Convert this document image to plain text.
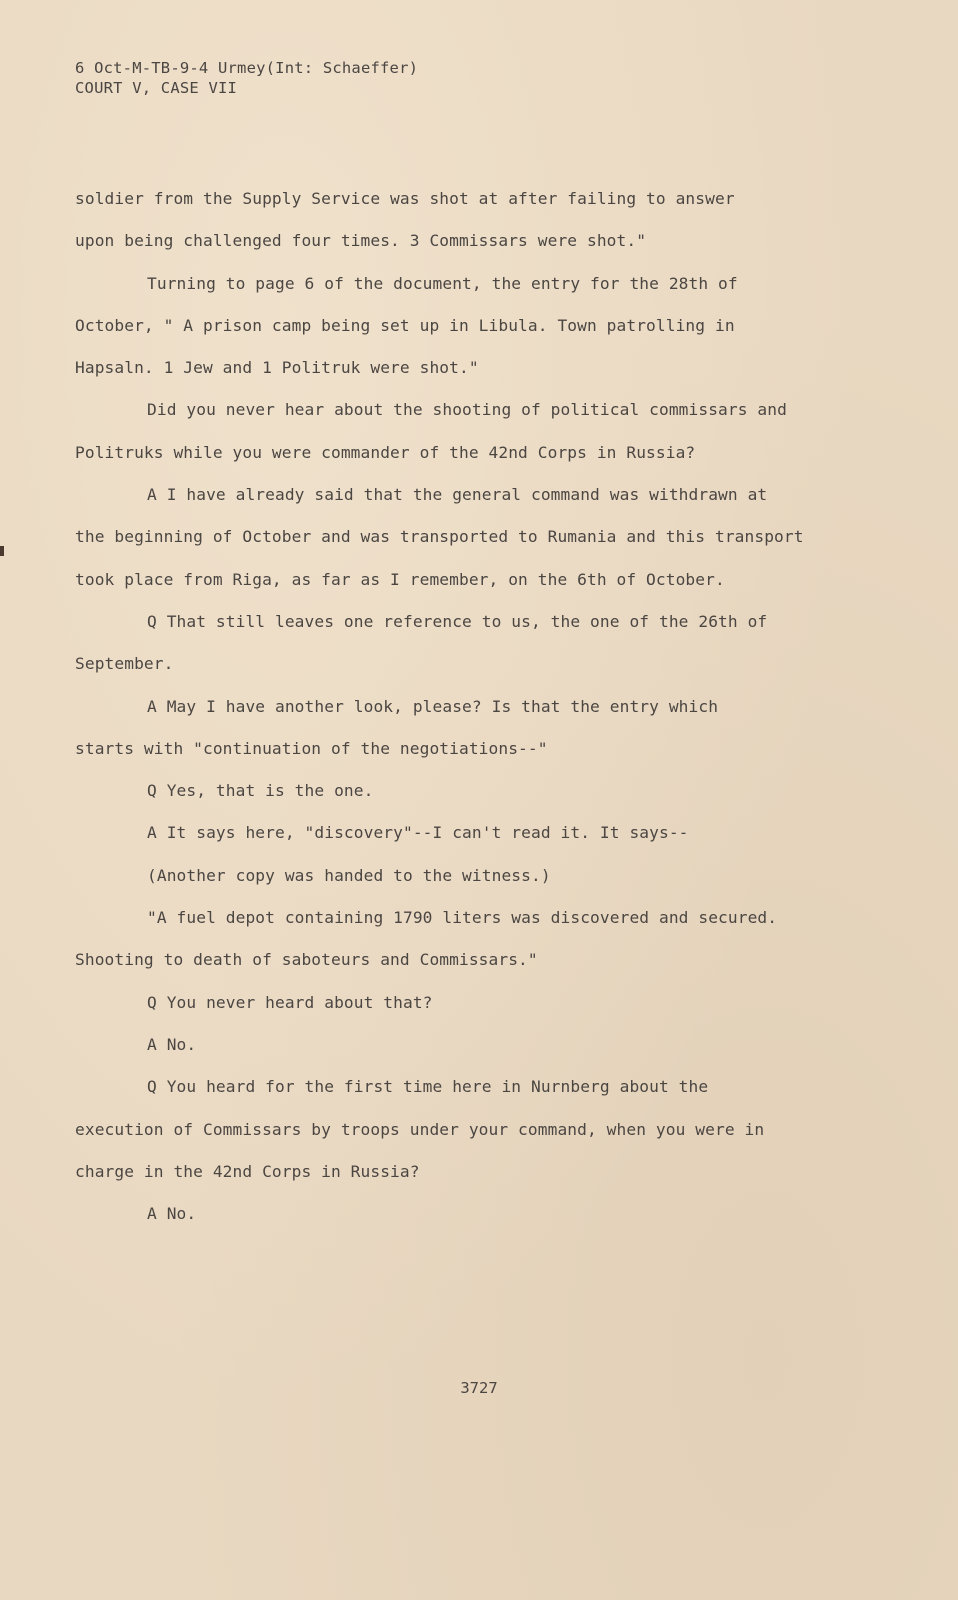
6 Oct-M-TB-9-4 Urmey(Int: Schaeffer)
COURT V, CASE VII
soldier from the Supply Service was shot at after failing to answer
upon being challenged four times. 3 Commissars were shot."
Turning to page 6 of the document, the entry for the 28th of
October, " A prison camp being set up in Libula. Town patrolling in
Hapsaln. 1 Jew and 1 Politruk were shot."
Did you never hear about the shooting of political commissars and
Politruks while you were commander of the 42nd Corps in Russia?
A I have already said that the general command was withdrawn at
the beginning of October and was transported to Rumania and this transport
took place from Riga, as far as I remember, on the 6th of October.
Q That still leaves one reference to us, the one of the 26th of
September.
A May I have another look, please? Is that the entry which
starts with "continuation of the negotiations--"
Q Yes, that is the one.
A It says here, "discovery"--I can't read it. It says--
(Another copy was handed to the witness.)
"A fuel depot containing 1790 liters was discovered and secured.
Shooting to death of saboteurs and Commissars."
Q You never heard about that?
A No.
Q You heard for the first time here in Nurnberg about the
execution of Commissars by troops under your command, when you were in
charge in the 42nd Corps in Russia?
A No.
3727
